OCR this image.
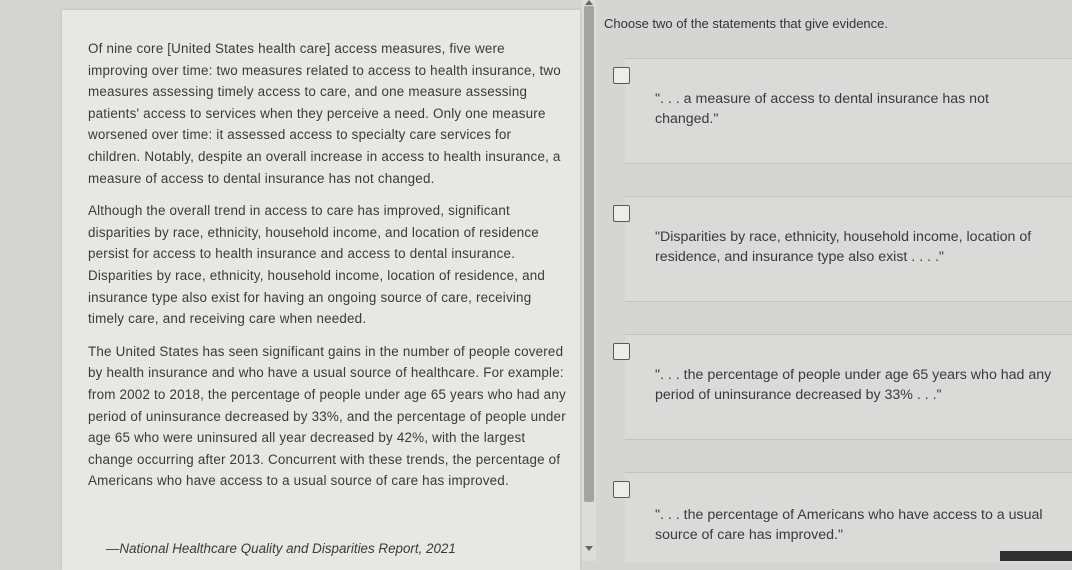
Of nine core [United States health care] access measures, five were improving over time: two measures related to access to health insurance, two measures assessing timely access to care, and one measure assessing patients' access to services when they perceive a need. Only one measure worsened over time: it assessed access to specialty care services for children. Notably, despite an overall increase in access to health insurance, a measure of access to dental insurance has not changed.

Although the overall trend in access to care has improved, significant disparities by race, ethnicity, household income, and location of residence persist for access to health insurance and access to dental insurance. Disparities by race, ethnicity, household income, location of residence, and insurance type also exist for having an ongoing source of care, receiving timely care, and receiving care when needed.

The United States has seen significant gains in the number of people covered by health insurance and who have a usual source of healthcare. For example: from 2002 to 2018, the percentage of people under age 65 years who had any period of uninsurance decreased by 33%, and the percentage of people under age 65 who were uninsured all year decreased by 42%, with the largest change occurring after 2013. Concurrent with these trends, the percentage of Americans who have access to a usual source of care has improved.

—National Healthcare Quality and Disparities Report, 2021
Choose two of the statements that give evidence.
". . . a measure of access to dental insurance has not changed."
"Disparities by race, ethnicity, household income, location of residence, and insurance type also exist . . . ."
". . . the percentage of people under age 65 years who had any period of uninsurance decreased by 33% . . ."
". . . the percentage of Americans who have access to a usual source of care has improved."
